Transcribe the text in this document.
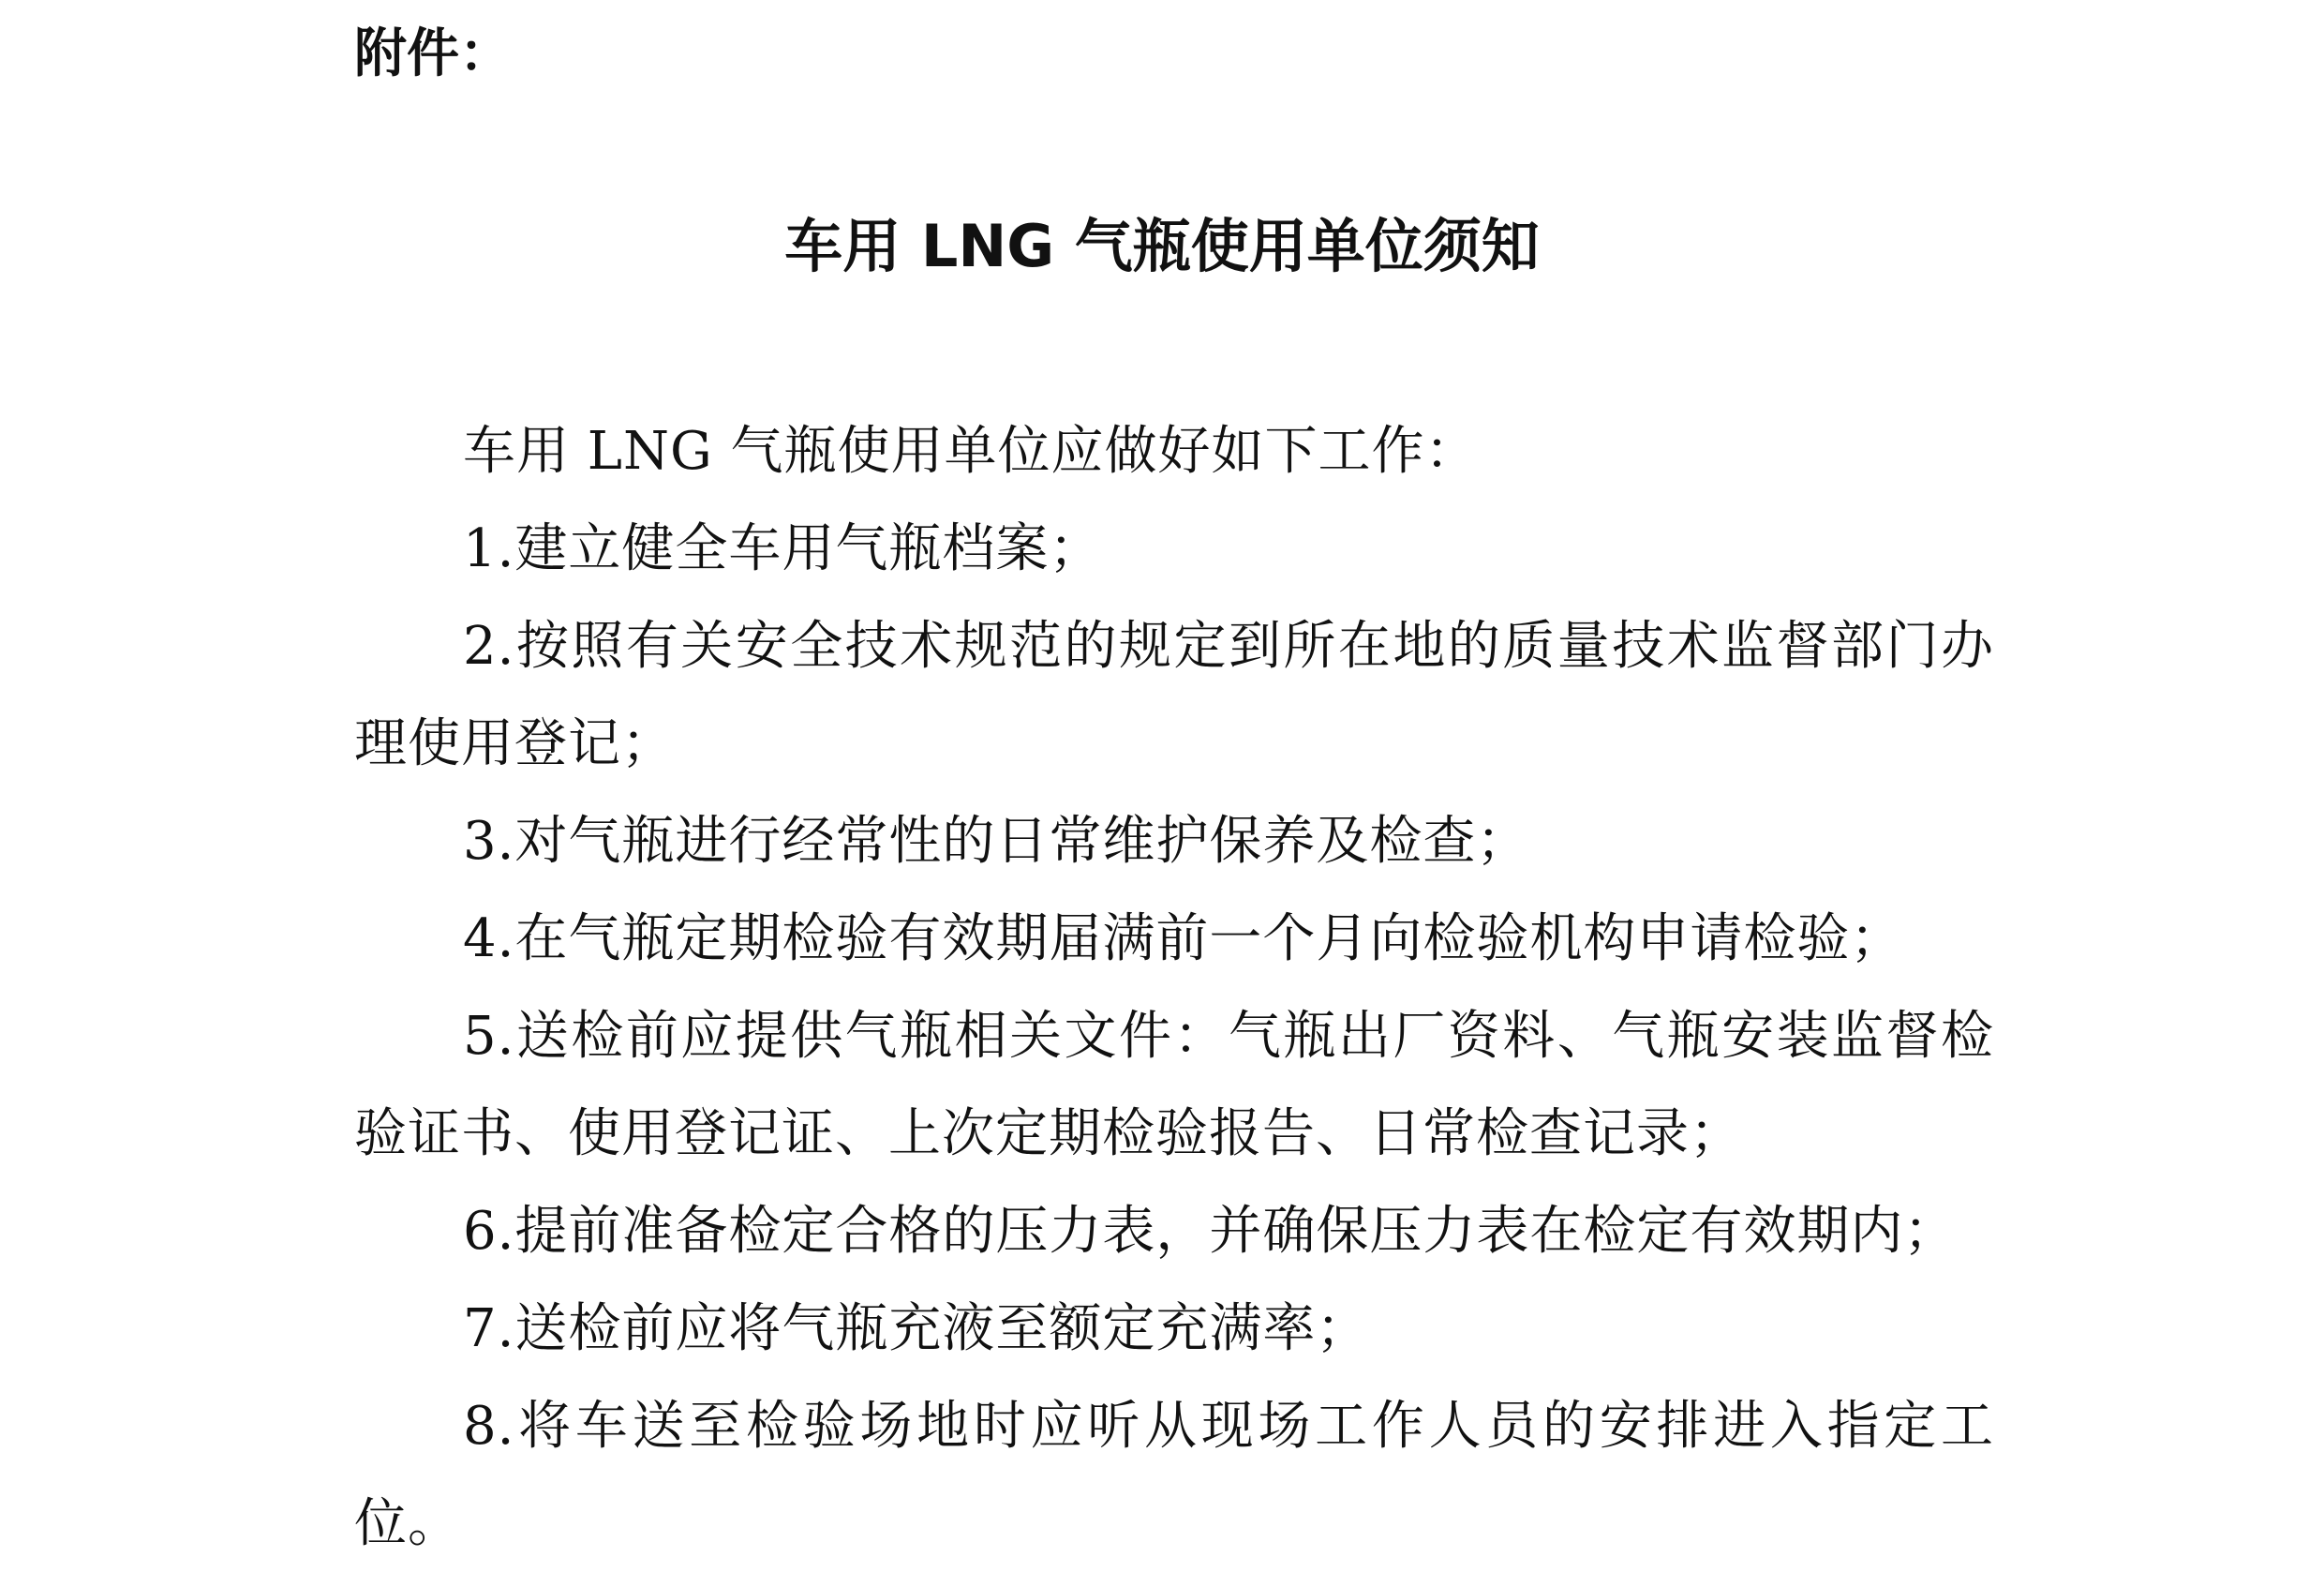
附件：
车用 LNG 气瓶使用单位须知

车用 LNG 气瓶使用单位应做好如下工作：

1.建立健全车用气瓶档案；

2.按照有关安全技术规范的规定到所在地的质量技术监督部门办理使用登记；

3.对气瓶进行经常性的日常维护保养及检查；

4.在气瓶定期检验有效期届满前一个月向检验机构申请检验；

5.送检前应提供气瓶相关文件：气瓶出厂资料、气瓶安装监督检验证书、使用登记证、上次定期检验报告、日常检查记录；

6.提前准备检定合格的压力表，并确保压力表在检定有效期内；

7.送检前应将气瓶充液至额定充满率；

8.将车送至检验场地时应听从现场工作人员的安排进入指定工位。
